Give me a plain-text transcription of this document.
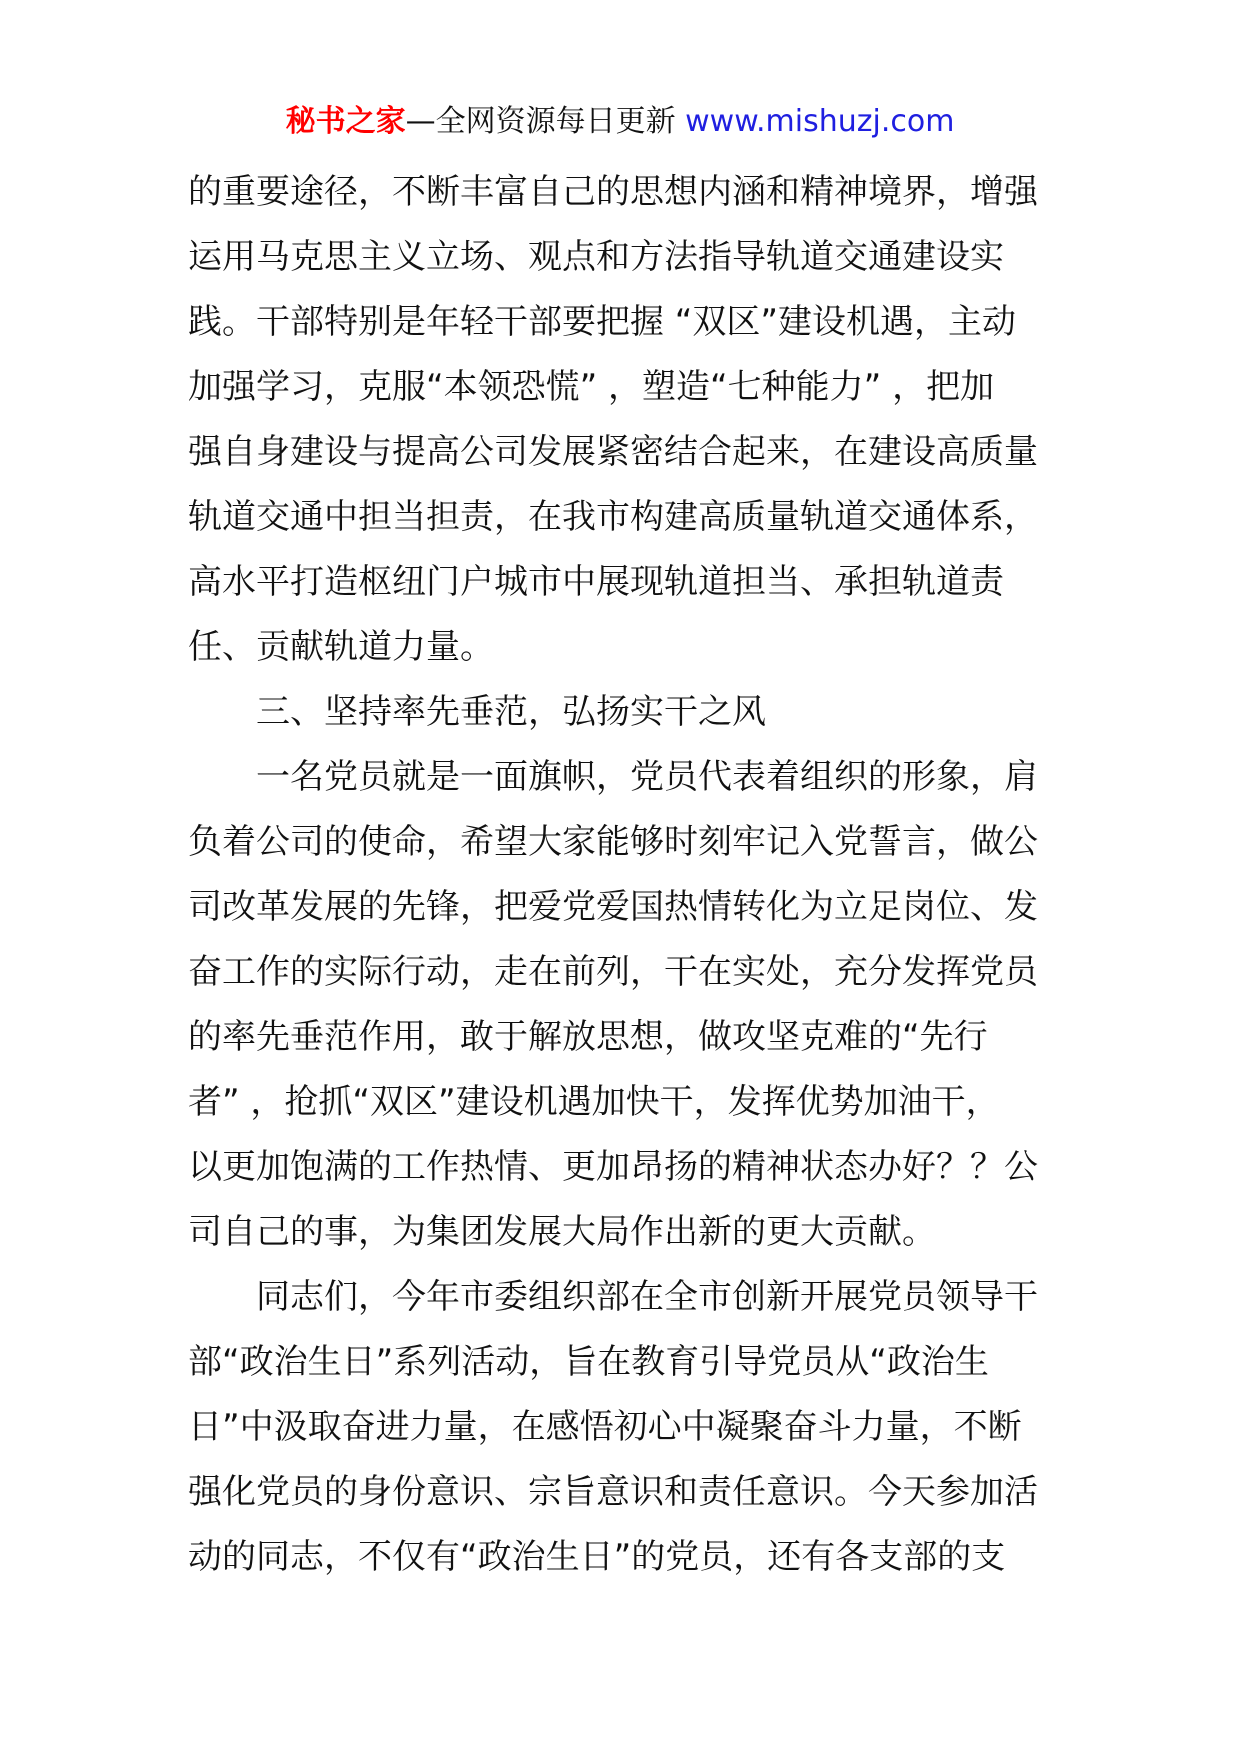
秘书之家—全网资源每日更新 www.mishuzj.com
的重要途径，不断丰富自己的思想内涵和精神境界，增强
运用马克思主义立场、观点和方法指导轨道交通建设实
践。干部特别是年轻干部要把握 “双区”建设机遇，主动
加强学习，克服“本领恐慌” ，塑造“七种能力” ，把加
强自身建设与提高公司发展紧密结合起来，在建设高质量
轨道交通中担当担责，在我市构建高质量轨道交通体系，
高水平打造枢纽门户城市中展现轨道担当、承担轨道责
任、贡献轨道力量。
三、坚持率先垂范，弘扬实干之风
一名党员就是一面旗帜，党员代表着组织的形象，肩
负着公司的使命，希望大家能够时刻牢记入党誓言，做公
司改革发展的先锋，把爱党爱国热情转化为立足岗位、发
奋工作的实际行动，走在前列，干在实处，充分发挥党员
的率先垂范作用，敢于解放思想，做攻坚克难的“先行
者” ，抢抓“双区”建设机遇加快干，发挥优势加油干，
以更加饱满的工作热情、更加昂扬的精神状态办好？？公
司自己的事，为集团发展大局作出新的更大贡献。
同志们，今年市委组织部在全市创新开展党员领导干
部“政治生日”系列活动，旨在教育引导党员从“政治生
日”中汲取奋进力量，在感悟初心中凝聚奋斗力量，不断
强化党员的身份意识、宗旨意识和责任意识。今天参加活
动的同志，不仅有“政治生日”的党员，还有各支部的支
